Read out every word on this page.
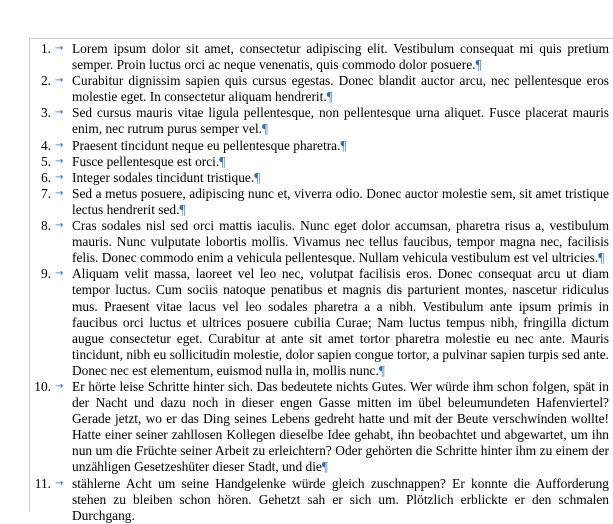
1. → Lorem ipsum dolor sit amet, consectetur adipiscing elit. Vestibulum consequat mi quis pretium semper. Proin luctus orci ac neque venenatis, quis commodo dolor posuere.¶
2. → Curabitur dignissim sapien quis cursus egestas. Donec blandit auctor arcu, nec pellentesque eros molestie eget. In consectetur aliquam hendrerit.¶
3. → Sed cursus mauris vitae ligula pellentesque, non pellentesque urna aliquet. Fusce placerat mauris enim, nec rutrum purus semper vel.¶
4. → Praesent tincidunt neque eu pellentesque pharetra.¶
5. → Fusce pellentesque est orci.¶
6. → Integer sodales tincidunt tristique.¶
7. → Sed a metus posuere, adipiscing nunc et, viverra odio. Donec auctor molestie sem, sit amet tristique lectus hendrerit sed.¶
8. → Cras sodales nisl sed orci mattis iaculis. Nunc eget dolor accumsan, pharetra risus a, vestibulum mauris. Nunc vulputate lobortis mollis. Vivamus nec tellus faucibus, tempor magna nec, facilisis felis. Donec commodo enim a vehicula pellentesque. Nullam vehicula vestibulum est vel ultricies.¶
9. → Aliquam velit massa, laoreet vel leo nec, volutpat facilisis eros. Donec consequat arcu ut diam tempor luctus. Cum sociis natoque penatibus et magnis dis parturient montes, nascetur ridiculus mus. Praesent vitae lacus vel leo sodales pharetra a a nibh. Vestibulum ante ipsum primis in faucibus orci luctus et ultrices posuere cubilia Curae; Nam luctus tempus nibh, fringilla dictum augue consectetur eget. Curabitur at ante sit amet tortor pharetra molestie eu nec ante. Mauris tincidunt, nibh eu sollicitudin molestie, dolor sapien congue tortor, a pulvinar sapien turpis sed ante. Donec nec est elementum, euismod nulla in, mollis nunc.¶
10. → Er hörte leise Schritte hinter sich. Das bedeutete nichts Gutes. Wer würde ihm schon folgen, spät in der Nacht und dazu noch in dieser engen Gasse mitten im übel beleumundeten Hafenviertel? Gerade jetzt, wo er das Ding seines Lebens gedreht hatte und mit der Beute verschwinden wollte! Hatte einer seiner zahllosen Kollegen dieselbe Idee gehabt, ihn beobachtet und abgewartet, um ihn nun um die Früchte seiner Arbeit zu erleichtern? Oder gehörten die Schritte hinter ihm zu einem der unzähligen Gesetzeshüter dieser Stadt, und die¶
11. → stählerne Acht um seine Handgelenke würde gleich zuschnappen? Er konnte die Aufforderung stehen zu bleiben schon hören. Gehetzt sah er sich um. Plötzlich erblickte er den schmalen Durchgang.
